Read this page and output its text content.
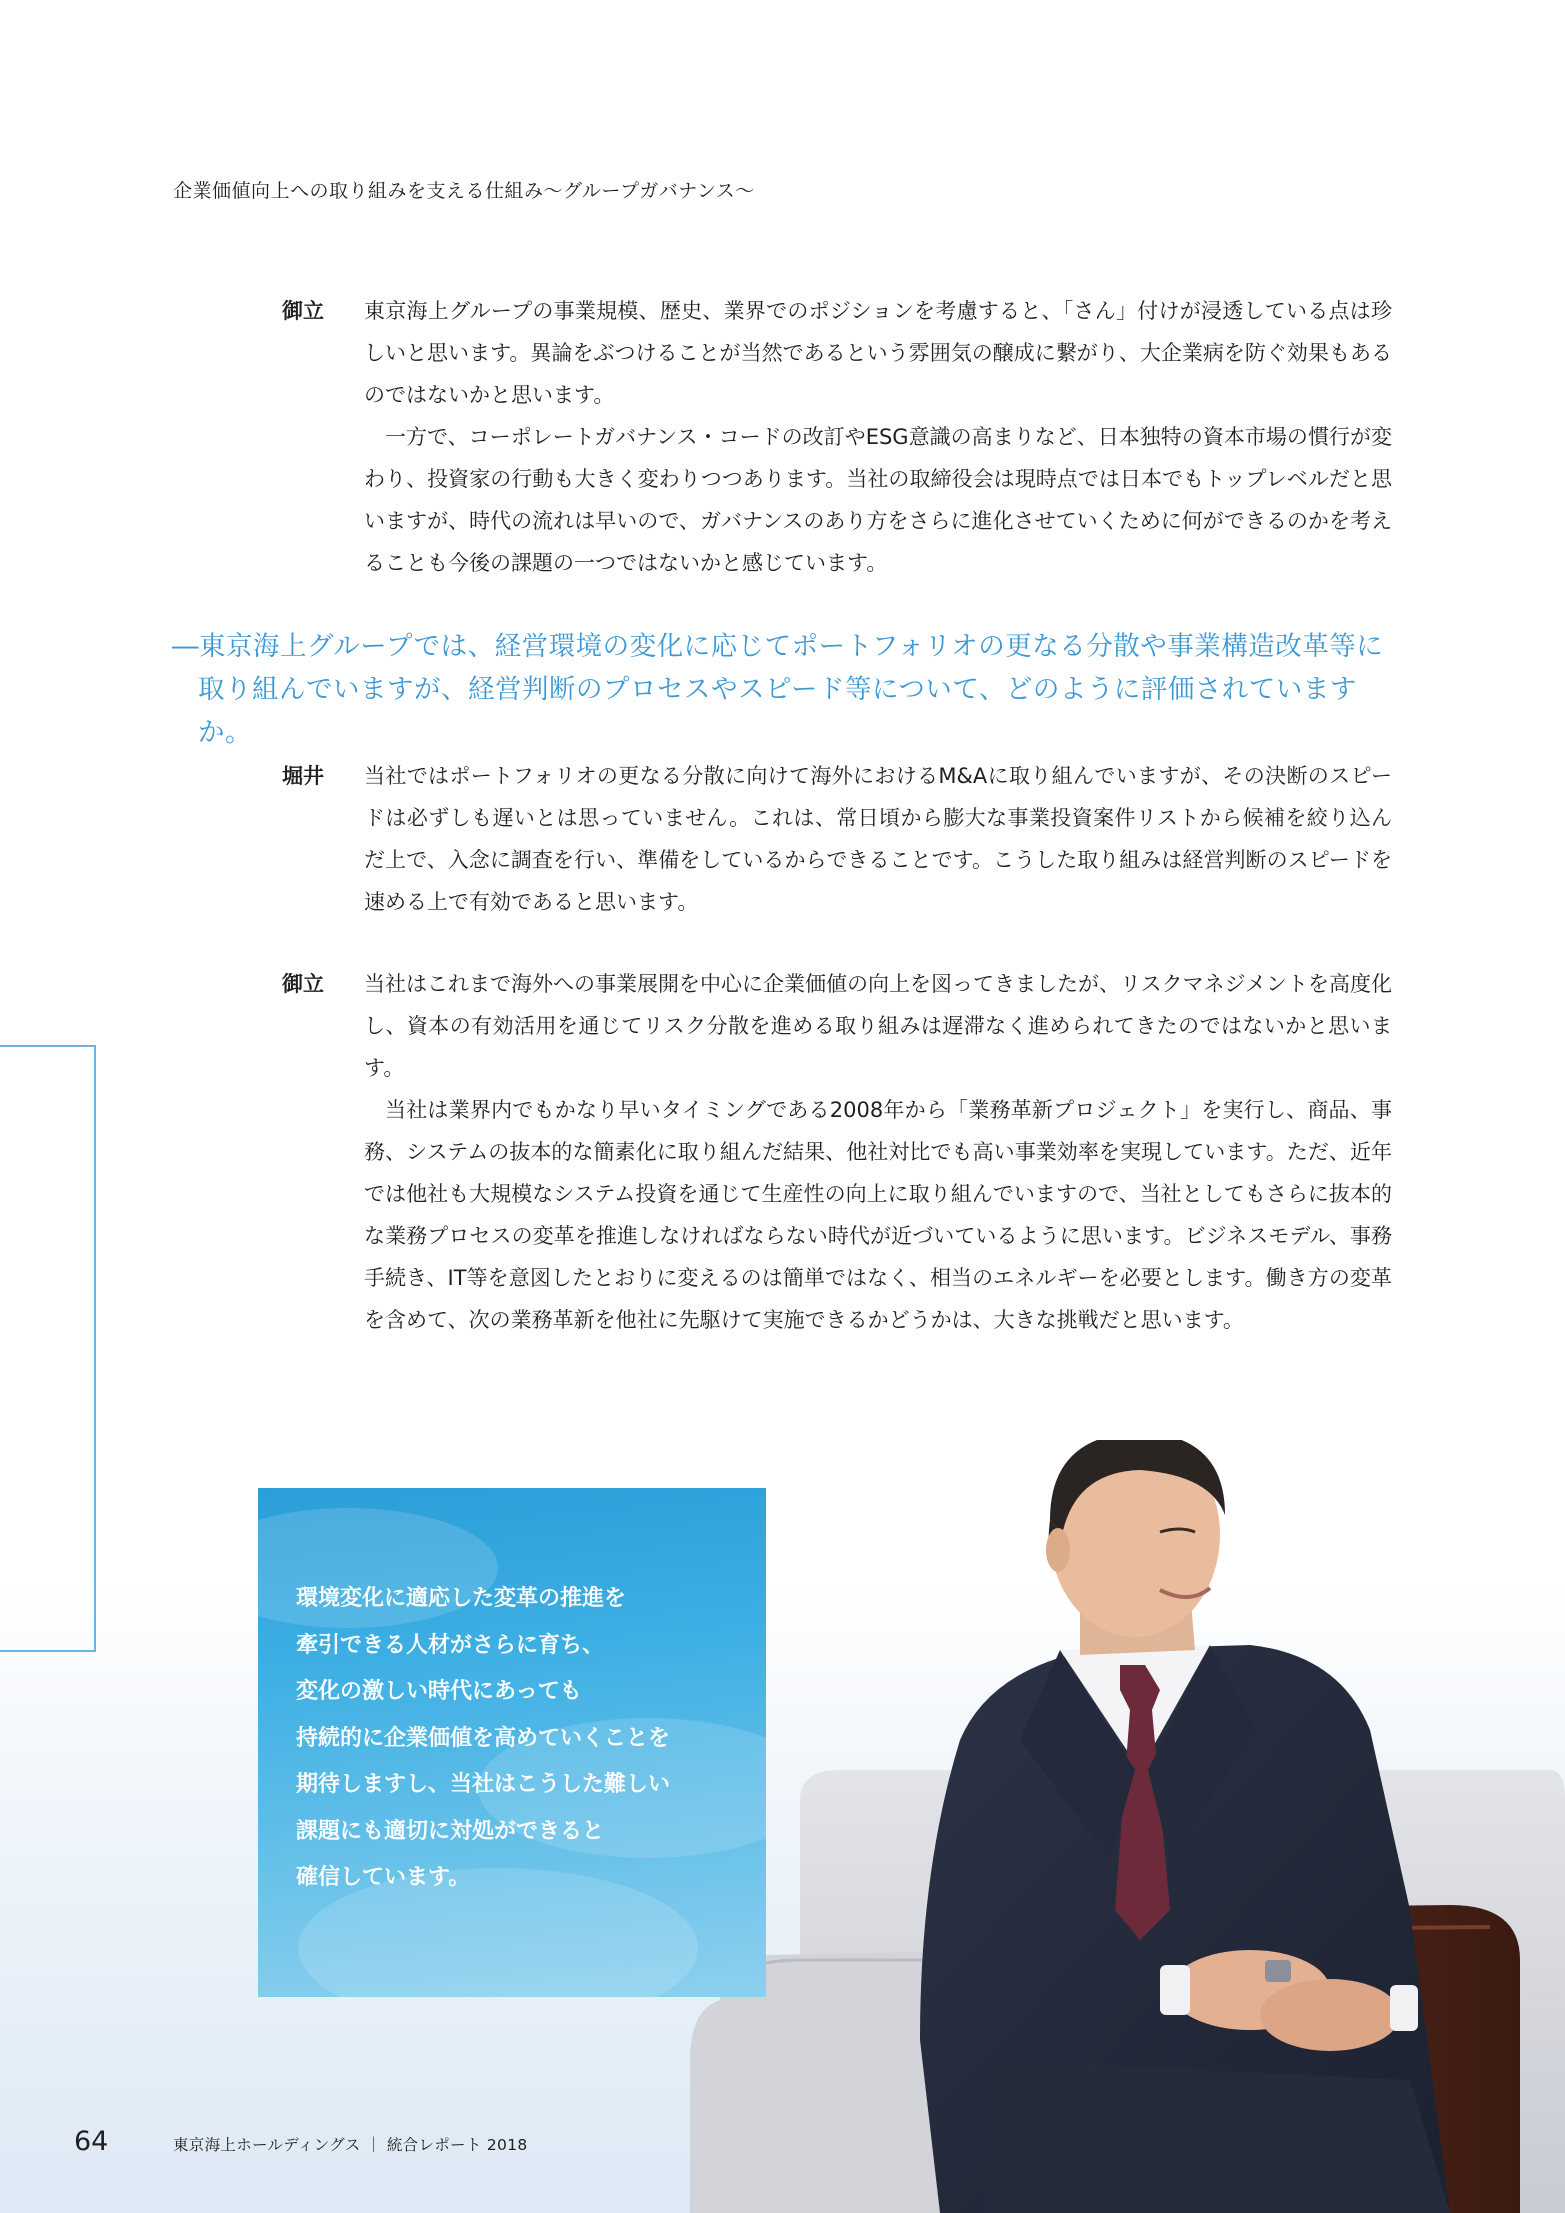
企業価値向上への取り組みを支える仕組み～グループガバナンス～
御立	東京海上グループの事業規模、歴史、業界でのポジションを考慮すると、「さん」付けが浸透している点は珍しいと思います。異論をぶつけることが当然であるという雰囲気の醸成に繋がり、大企業病を防ぐ効果もあるのではないかと思います。

一方で、コーポレートガバナンス・コードの改訂やESG意識の高まりなど、日本独特の資本市場の慣行が変わり、投資家の行動も大きく変わりつつあります。当社の取締役会は現時点では日本でもトップレベルだと思いますが、時代の流れは早いので、ガバナンスのあり方をさらに進化させていくために何ができるのかを考えることも今後の課題の一つではないかと感じています。

―東京海上グループでは、経営環境の変化に応じてポートフォリオの更なる分散や事業構造改革等に
取り組んでいますが、経営判断のプロセスやスピード等について、どのように評価されていますか。
堀井	当社ではポートフォリオの更なる分散に向けて海外におけるM&Aに取り組んでいますが、その決断のスピードは必ずしも遅いとは思っていません。これは、常日頃から膨大な事業投資案件リストから候補を絞り込んだ上で、入念に調査を行い、準備をしているからできることです。こうした取り組みは経営判断のスピードを速める上で有効であると思います。

御立	当社はこれまで海外への事業展開を中心に企業価値の向上を図ってきましたが、リスクマネジメントを高度化し、資本の有効活用を通じてリスク分散を進める取り組みは遅滞なく進められてきたのではないかと思います。

当社は業界内でもかなり早いタイミングである2008年から「業務革新プロジェクト」を実行し、商品、事務、システムの抜本的な簡素化に取り組んだ結果、他社対比でも高い事業効率を実現しています。ただ、近年では他社も大規模なシステム投資を通じて生産性の向上に取り組んでいますので、当社としてもさらに抜本的な業務プロセスの変革を推進しなければならない時代が近づいているように思います。ビジネスモデル、事務手続き、IT等を意図したとおりに変えるのは簡単ではなく、相当のエネルギーを必要とします。働き方の変革を含めて、次の業務革新を他社に先駆けて実施できるかどうかは、大きな挑戦だと思います。

環境変化に適応した変革の推進を
牽引できる人材がさらに育ち、
変化の激しい時代にあっても
持続的に企業価値を高めていくことを
期待しますし、当社はこうした難しい
課題にも適切に対処ができると
確信しています。
64	東京海上ホールディングス ｜ 統合レポート 2018
